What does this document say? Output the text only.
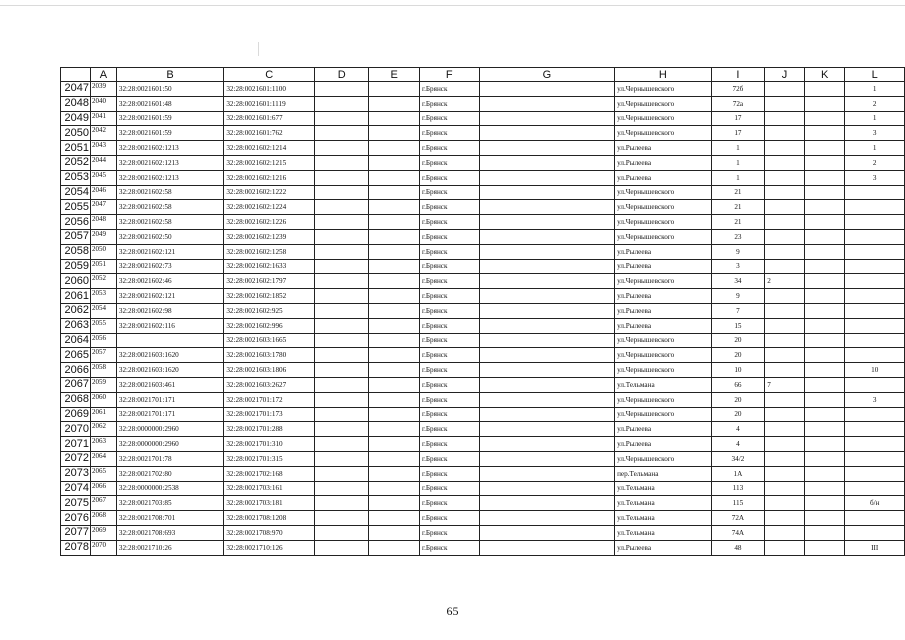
	A	B	C	D	E	F	G	H	I	J	K	L
2047	2039	32:28:0021601:50	32:28:0021601:1100			г.Брянск		ул.Чернышевского	72б			1
2048	2040	32:28:0021601:48	32:28:0021601:1119			г.Брянск		ул.Чернышевского	72а			2
2049	2041	32:28:0021601:59	32:28:0021601:677			г.Брянск		ул.Чернышевского	17			1
2050	2042	32:28:0021601:59	32:28:0021601:762			г.Брянск		ул.Чернышевского	17			3
2051	2043	32:28:0021602:1213	32:28:0021602:1214			г.Брянск		ул.Рылеева	1			1
2052	2044	32:28:0021602:1213	32:28:0021602:1215			г.Брянск		ул.Рылеева	1			2
2053	2045	32:28:0021602:1213	32:28:0021602:1216			г.Брянск		ул.Рылеева	1			3
2054	2046	32:28:0021602:58	32:28:0021602:1222			г.Брянск		ул.Чернышевского	21			
2055	2047	32:28:0021602:58	32:28:0021602:1224			г.Брянск		ул.Чернышевского	21			
2056	2048	32:28:0021602:58	32:28:0021602:1226			г.Брянск		ул.Чернышевского	21			
2057	2049	32:28:0021602:50	32:28:0021602:1239			г.Брянск		ул.Чернышевского	23			
2058	2050	32:28:0021602:121	32:28:0021602:1258			г.Брянск		ул.Рылеева	9			
2059	2051	32:28:0021602:73	32:28:0021602:1633			г.Брянск		ул.Рылеева	3			
2060	2052	32:28:0021602:46	32:28:0021602:1797			г.Брянск		ул.Чернышевского	34	2		
2061	2053	32:28:0021602:121	32:28:0021602:1852			г.Брянск		ул.Рылеева	9			
2062	2054	32:28:0021602:98	32:28:0021602:925			г.Брянск		ул.Рылеева	7			
2063	2055	32:28:0021602:116	32:28:0021602:996			г.Брянск		ул.Рылеева	15			
2064	2056		32:28:0021603:1665			г.Брянск		ул.Чернышевского	20			
2065	2057	32:28:0021603:1620	32:28:0021603:1780			г.Брянск		ул.Чернышевского	20			
2066	2058	32:28:0021603:1620	32:28:0021603:1806			г.Брянск		ул.Чернышевского	10			10
2067	2059	32:28:0021603:461	32:28:0021603:2627			г.Брянск		ул.Тельмана	66	7		
2068	2060	32:28:0021701:171	32:28:0021701:172			г.Брянск		ул.Чернышевского	20			3
2069	2061	32:28:0021701:171	32:28:0021701:173			г.Брянск		ул.Чернышевского	20			
2070	2062	32:28:0000000:2960	32:28:0021701:288			г.Брянск		ул.Рылеева	4			
2071	2063	32:28:0000000:2960	32:28:0021701:310			г.Брянск		ул.Рылеева	4			
2072	2064	32:28:0021701:78	32:28:0021701:315			г.Брянск		ул.Чернышевского	34/2			
2073	2065	32:28:0021702:80	32:28:0021702:168			г.Брянск		пер.Тельмана	1А			
2074	2066	32:28:0000000:2538	32:28:0021703:161			г.Брянск		ул.Тельмана	113			
2075	2067	32:28:0021703:85	32:28:0021703:181			г.Брянск		ул.Тельмана	115			б/н
2076	2068	32:28:0021708:701	32:28:0021708:1208			г.Брянск		ул.Тельмана	72А			
2077	2069	32:28:0021708:693	32:28:0021708:970			г.Брянск		ул.Тельмана	74А			
2078	2070	32:28:0021710:26	32:28:0021710:126			г.Брянск		ул.Рылеева	48			III
65
